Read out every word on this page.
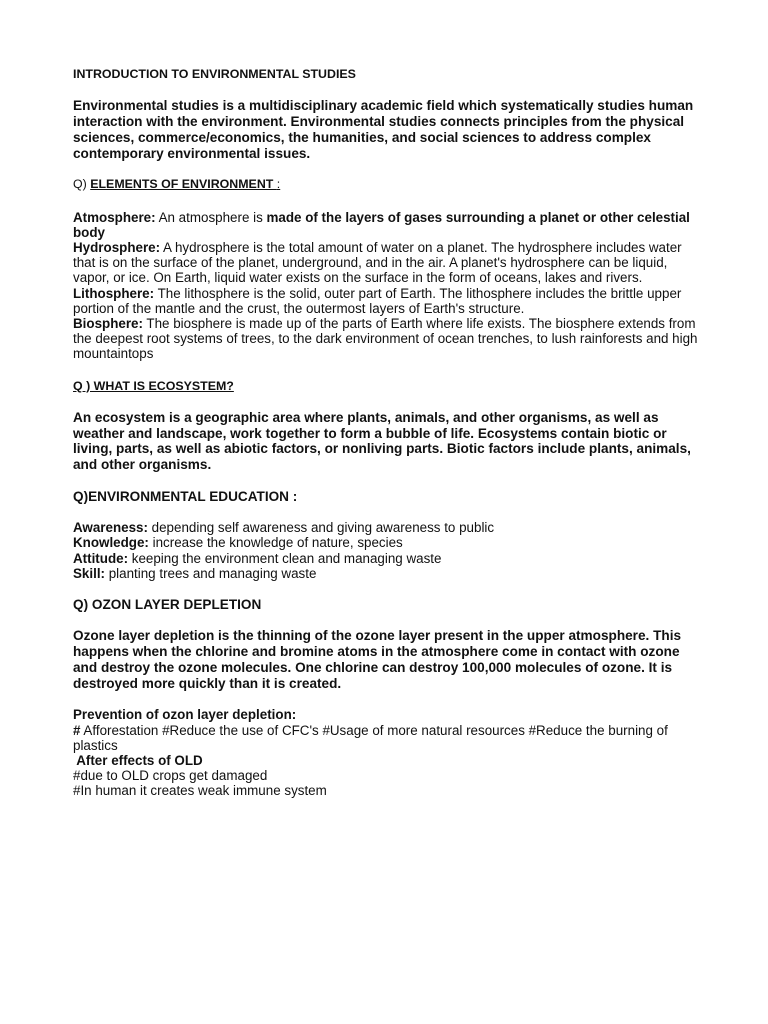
INTRODUCTION TO ENVIRONMENTAL STUDIES

Environmental studies is a multidisciplinary academic field which systematically studies human interaction with the environment. Environmental studies connects principles from the physical sciences, commerce/economics, the humanities, and social sciences to address complex contemporary environmental issues.

Q) ELEMENTS OF ENVIRONMENT :

Atmosphere: An atmosphere is made of the layers of gases surrounding a planet or other celestial body

Hydrosphere: A hydrosphere is the total amount of water on a planet. The hydrosphere includes water that is on the surface of the planet, underground, and in the air. A planet's hydrosphere can be liquid, vapor, or ice. On Earth, liquid water exists on the surface in the form of oceans, lakes and rivers.

Lithosphere: The lithosphere is the solid, outer part of Earth. The lithosphere includes the brittle upper portion of the mantle and the crust, the outermost layers of Earth's structure.

Biosphere: The biosphere is made up of the parts of Earth where life exists. The biosphere extends from the deepest root systems of trees, to the dark environment of ocean trenches, to lush rainforests and high mountaintops

Q ) WHAT IS ECOSYSTEM?

An ecosystem is a geographic area where plants, animals, and other organisms, as well as weather and landscape, work together to form a bubble of life. Ecosystems contain biotic or living, parts, as well as abiotic factors, or nonliving parts. Biotic factors include plants, animals, and other organisms.

Q)ENVIRONMENTAL EDUCATION :

Awareness: depending self awareness and giving awareness to public

Knowledge: increase the knowledge of nature, species

Attitude: keeping the environment clean and managing waste

Skill: planting trees and managing waste

Q) OZON LAYER DEPLETION

Ozone layer depletion is the thinning of the ozone layer present in the upper atmosphere. This happens when the chlorine and bromine atoms in the atmosphere come in contact with ozone and destroy the ozone molecules. One chlorine can destroy 100,000 molecules of ozone. It is destroyed more quickly than it is created.

Prevention of ozon layer depletion:

# Afforestation #Reduce the use of CFC's #Usage of more natural resources #Reduce the burning of plastics

After effects of OLD

#due to OLD crops get damaged

#In human it creates weak immune system
